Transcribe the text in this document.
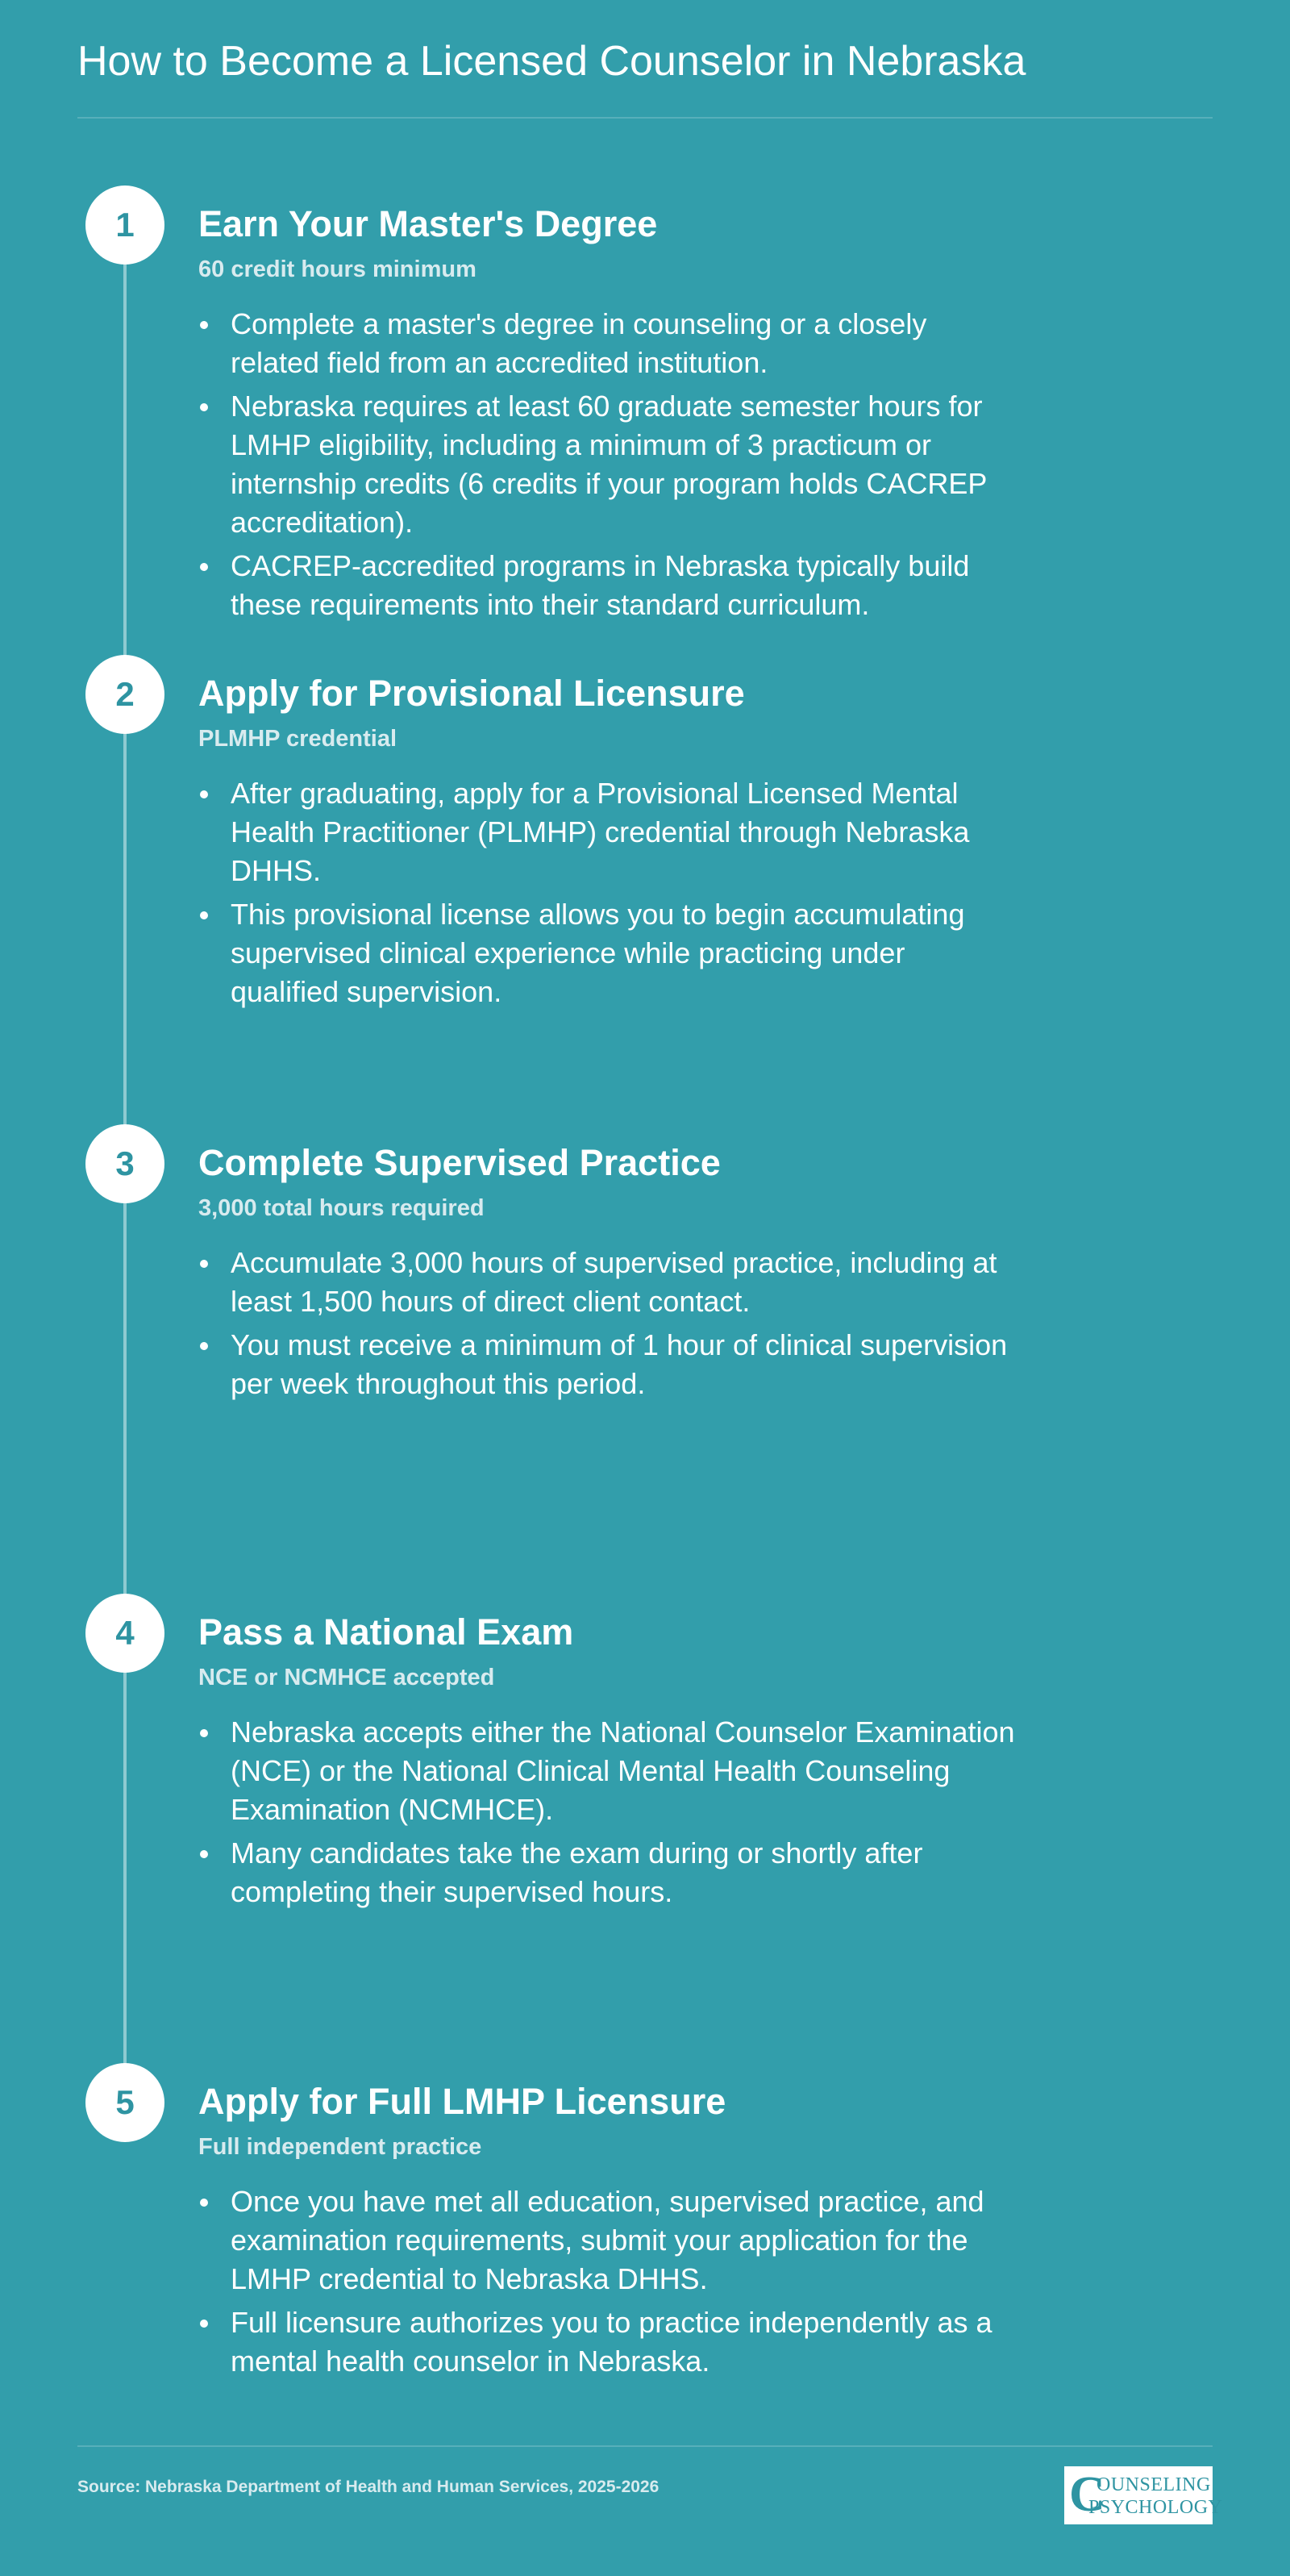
How to Become a Licensed Counselor in Nebraska
1	Earn Your Master's Degree
60 credit hours minimum
Complete a master's degree in counseling or a closely related field from an accredited institution.
Nebraska requires at least 60 graduate semester hours for LMHP eligibility, including a minimum of 3 practicum or internship credits (6 credits if your program holds CACREP accreditation).
CACREP-accredited programs in Nebraska typically build these requirements into their standard curriculum.
2	Apply for Provisional Licensure
PLMHP credential
After graduating, apply for a Provisional Licensed Mental Health Practitioner (PLMHP) credential through Nebraska DHHS.
This provisional license allows you to begin accumulating supervised clinical experience while practicing under qualified supervision.
3	Complete Supervised Practice
3,000 total hours required
Accumulate 3,000 hours of supervised practice, including at least 1,500 hours of direct client contact.
You must receive a minimum of 1 hour of clinical supervision per week throughout this period.
4	Pass a National Exam
NCE or NCMHCE accepted
Nebraska accepts either the National Counselor Examination (NCE) or the National Clinical Mental Health Counseling Examination (NCMHCE).
Many candidates take the exam during or shortly after completing their supervised hours.
5	Apply for Full LMHP Licensure
Full independent practice
Once you have met all education, supervised practice, and examination requirements, submit your application for the LMHP credential to Nebraska DHHS.
Full licensure authorizes you to practice independently as a mental health counselor in Nebraska.
Source: Nebraska Department of Health and Human Services, 2025-2026	C
OUNSELING
PSYCHOLOGY
